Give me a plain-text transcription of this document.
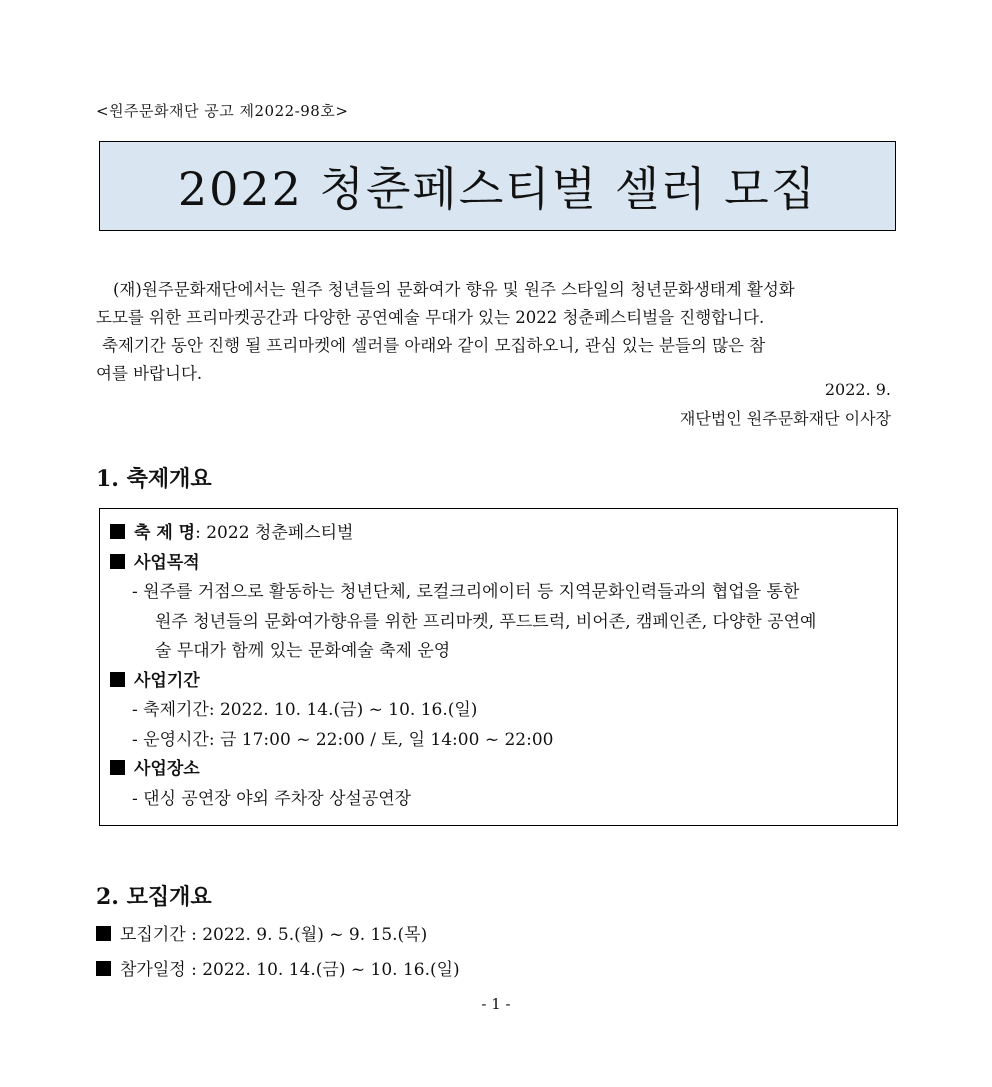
<원주문화재단 공고 제2022-98호>
2022 청춘페스티벌 셀러 모집
(재)원주문화재단에서는 원주 청년들의 문화여가 향유 및 원주 스타일의 청년문화생태계 활성화
도모를 위한 프리마켓공간과 다양한 공연예술 무대가 있는 2022 청춘페스티벌을 진행합니다.
축제기간 동안 진행 될 프리마켓에 셀러를 아래와 같이 모집하오니, 관심 있는 분들의 많은 참
여를 바랍니다.
2022. 9.
재단법인 원주문화재단 이사장
1. 축제개요
축 제 명: 2022 청춘페스티벌
사업목적
- 원주를 거점으로 활동하는 청년단체, 로컬크리에이터 등 지역문화인력들과의 협업을 통한
원주 청년들의 문화여가향유를 위한 프리마켓, 푸드트럭, 비어존, 캠페인존, 다양한 공연예
술 무대가 함께 있는 문화예술 축제 운영
사업기간
- 축제기간: 2022. 10. 14.(금) ~ 10. 16.(일)
- 운영시간: 금 17:00 ~ 22:00 / 토, 일 14:00 ~ 22:00
사업장소
- 댄싱 공연장 야외 주차장 상설공연장
2. 모집개요
모집기간 : 2022. 9. 5.(월) ~ 9. 15.(목)
참가일정 : 2022. 10. 14.(금) ~ 10. 16.(일)
- 1 -
